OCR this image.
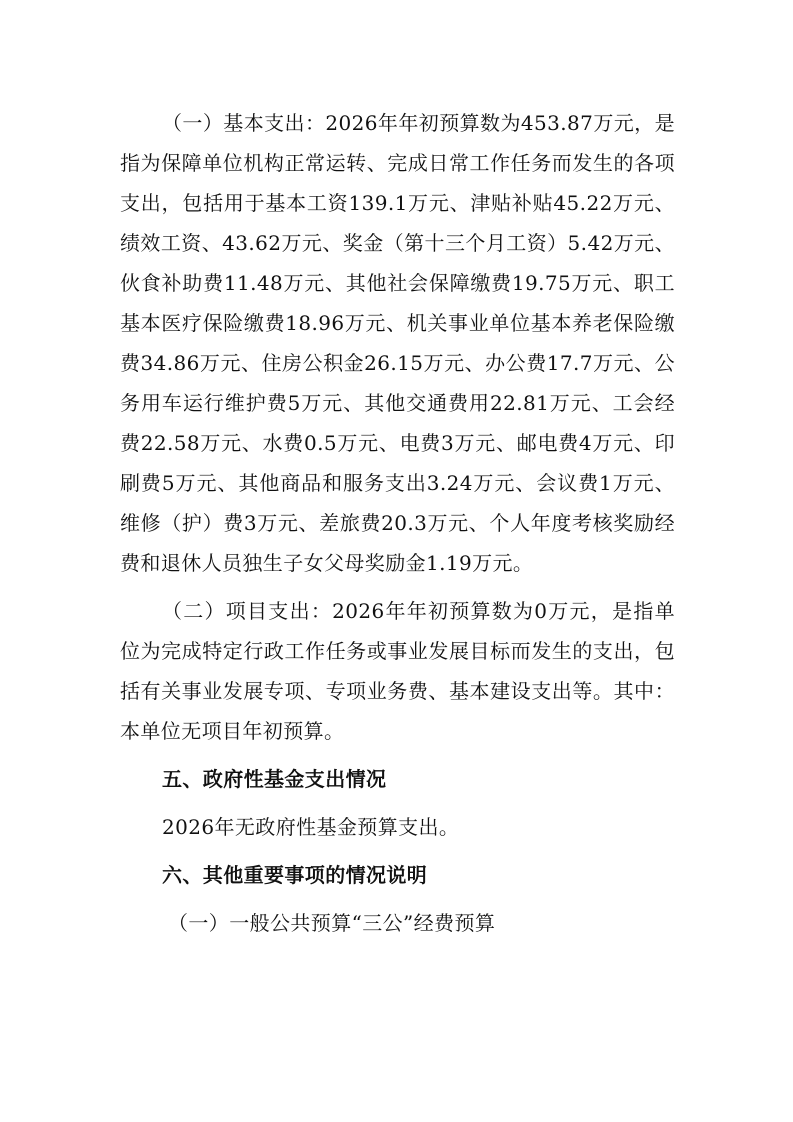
（一）基本支出：2026年年初预算数为453.87万元，是指为保障单位机构正常运转、完成日常工作任务而发生的各项支出，包括用于基本工资139.1万元、津贴补贴45.22万元、绩效工资、43.62万元、奖金（第十三个月工资）5.42万元、伙食补助费11.48万元、其他社会保障缴费19.75万元、职工基本医疗保险缴费18.96万元、机关事业单位基本养老保险缴费34.86万元、住房公积金26.15万元、办公费17.7万元、公务用车运行维护费5万元、其他交通费用22.81万元、工会经费22.58万元、水费0.5万元、电费3万元、邮电费4万元、印刷费5万元、其他商品和服务支出3.24万元、会议费1万元、维修（护）费3万元、差旅费20.3万元、个人年度考核奖励经费和退休人员独生子女父母奖励金1.19万元。

（二）项目支出：2026年年初预算数为0万元，是指单位为完成特定行政工作任务或事业发展目标而发生的支出，包括有关事业发展专项、专项业务费、基本建设支出等。其中：本单位无项目年初预算。

五、政府性基金支出情况

2026年无政府性基金预算支出。

六、其他重要事项的情况说明

（一）一般公共预算“三公”经费预算
